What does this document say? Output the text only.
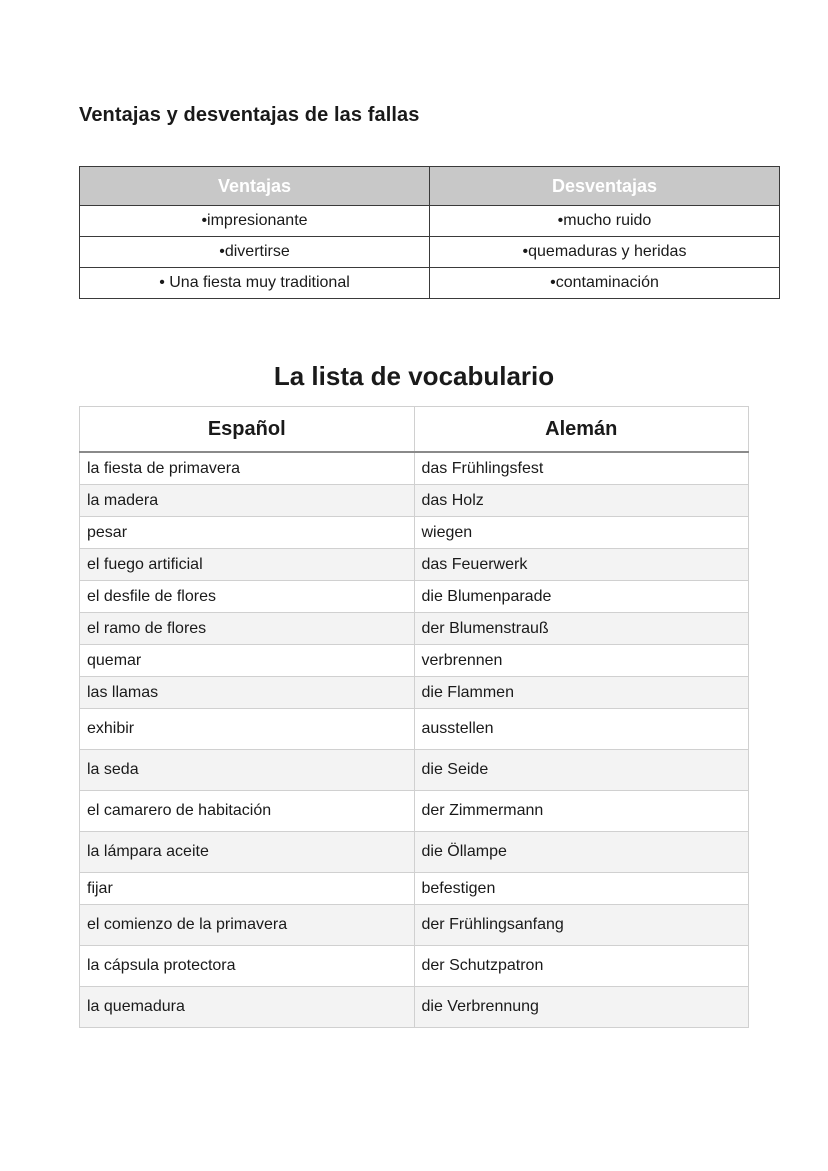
Ventajas y desventajas de las fallas
Ventajas	Desventajas
•impresionante	•mucho ruido
•divertirse	•quemaduras y heridas
• Una fiesta muy traditional	•contaminación
La lista de vocabulario
Español	Alemán
la fiesta de primavera	das Frühlingsfest
la madera	das Holz
pesar	wiegen
el fuego artificial	das Feuerwerk
el desfile de flores	die Blumenparade
el ramo de flores	der Blumenstrauß
quemar	verbrennen
las llamas	die Flammen
exhibir	ausstellen
la seda	die Seide
el camarero de habitación	der Zimmermann
la lámpara aceite	die Öllampe
fijar	befestigen
el comienzo de la primavera	der Frühlingsanfang
la cápsula protectora	der Schutzpatron
la quemadura	die Verbrennung
